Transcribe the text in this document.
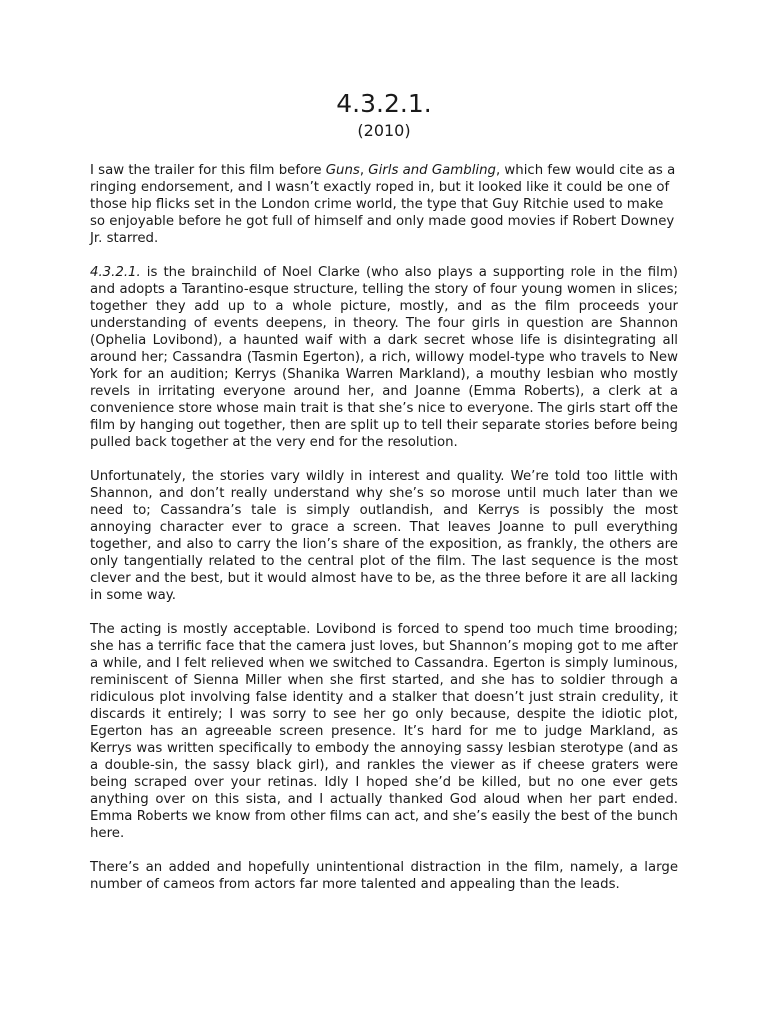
4.3.2.1.
(2010)

I saw the trailer for this film before Guns, Girls and Gambling, which few would cite as a ringing endorsement, and I wasn’t exactly roped in, but it looked like it could be one of those hip flicks set in the London crime world, the type that Guy Ritchie used to make so enjoyable before he got full of himself and only made good movies if Robert Downey Jr. starred.

4.3.2.1. is the brainchild of Noel Clarke (who also plays a supporting role in the film) and adopts a Tarantino-esque structure, telling the story of four young women in slices; together they add up to a whole picture, mostly, and as the film proceeds your understanding of events deepens, in theory. The four girls in question are Shannon (Ophelia Lovibond), a haunted waif with a dark secret whose life is disintegrating all around her; Cassandra (Tasmin Egerton), a rich, willowy model-type who travels to New York for an audition; Kerrys (Shanika Warren Markland), a mouthy lesbian who mostly revels in irritating everyone around her, and Joanne (Emma Roberts), a clerk at a convenience store whose main trait is that she’s nice to everyone. The girls start off the film by hanging out together, then are split up to tell their separate stories before being pulled back together at the very end for the resolution.

Unfortunately, the stories vary wildly in interest and quality. We’re told too little with Shannon, and don’t really understand why she’s so morose until much later than we need to; Cassandra’s tale is simply outlandish, and Kerrys is possibly the most annoying character ever to grace a screen. That leaves Joanne to pull everything together, and also to carry the lion’s share of the exposition, as frankly, the others are only tangentially related to the central plot of the film. The last sequence is the most clever and the best, but it would almost have to be, as the three before it are all lacking in some way.

The acting is mostly acceptable. Lovibond is forced to spend too much time brooding; she has a terrific face that the camera just loves, but Shannon’s moping got to me after a while, and I felt relieved when we switched to Cassandra. Egerton is simply luminous, reminiscent of Sienna Miller when she first started, and she has to soldier through a ridiculous plot involving false identity and a stalker that doesn’t just strain credulity, it discards it entirely; I was sorry to see her go only because, despite the idiotic plot, Egerton has an agreeable screen presence. It’s hard for me to judge Markland, as Kerrys was written specifically to embody the annoying sassy lesbian sterotype (and as a double-sin, the sassy black girl), and rankles the viewer as if cheese graters were being scraped over your retinas. Idly I hoped she’d be killed, but no one ever gets anything over on this sista, and I actually thanked God aloud when her part ended. Emma Roberts we know from other films can act, and she’s easily the best of the bunch here.

There’s an added and hopefully unintentional distraction in the film, namely, a large number of cameos from actors far more talented and appealing than the leads.
